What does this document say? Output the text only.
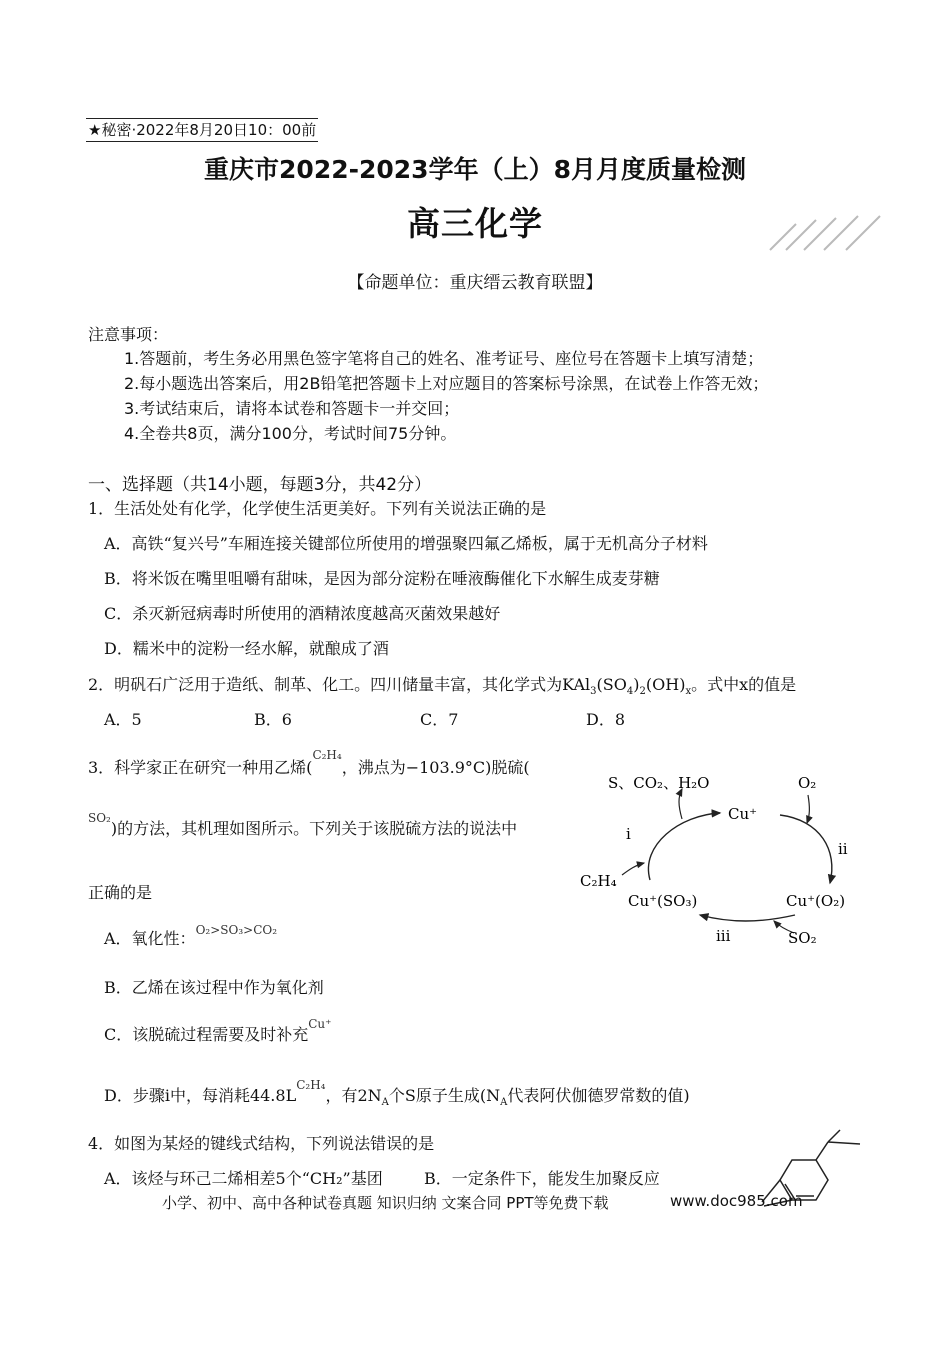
★秘密·2022年8月20日10：00前
重庆市2022-2023学年（上）8月月度质量检测
高三化学
【命题单位：重庆缙云教育联盟】
注意事项：
1.答题前，考生务必用黑色签字笔将自己的姓名、准考证号、座位号在答题卡上填写清楚；
2.每小题选出答案后，用2B铅笔把答题卡上对应题目的答案标号涂黑，在试卷上作答无效；
3.考试结束后，请将本试卷和答题卡一并交回；
4.全卷共8页，满分100分，考试时间75分钟。
一、选择题（共14小题，每题3分，共42分）
1．生活处处有化学，化学使生活更美好。下列有关说法正确的是
A．高铁“复兴号”车厢连接关键部位所使用的增强聚四氟乙烯板，属于无机高分子材料
B．将米饭在嘴里咀嚼有甜味，是因为部分淀粉在唾液酶催化下水解生成麦芽糖
C．杀灭新冠病毒时所使用的酒精浓度越高灭菌效果越好
D．糯米中的淀粉一经水解，就酿成了酒
2．明矾石广泛用于造纸、制革、化工。四川储量丰富，其化学式为$KAl_3(SO_4)_2(OH)_x$。式中x的值是
A．5	B．6	C．7	D．8
3．科学家正在研究一种用乙烯($^{C_2H_4}$，沸点为−103.9°C)脱硫(
$^{SO_2}$)的方法，其机理如图所示。下列关于该脱硫方法的说法中
正确的是
A．氧化性：$^{O_2>SO_3>CO_2}$
B．乙烯在该过程中作为氧化剂
C．该脱硫过程需要及时补充$^{Cu^+}$
D．步骤i中，每消耗$44.8L^{C_2H_4}$，有$2N_A$个S原子生成($N_A$代表阿伏伽德罗常数的值)
S、CO₂、H₂O
Cu⁺
O₂
i
ii
iii
C₂H₄
Cu⁺(SO₃)	Cu⁺(O₂)
SO₂
4．如图为某烃的键线式结构，下列说法错误的是
A．该烃与环己二烯相差5个“CH₂”基团	B．一定条件下，能发生加聚反应
小学、初中、高中各种试卷真题 知识归纳 文案合同 PPT等免费下载	www.doc985.com
